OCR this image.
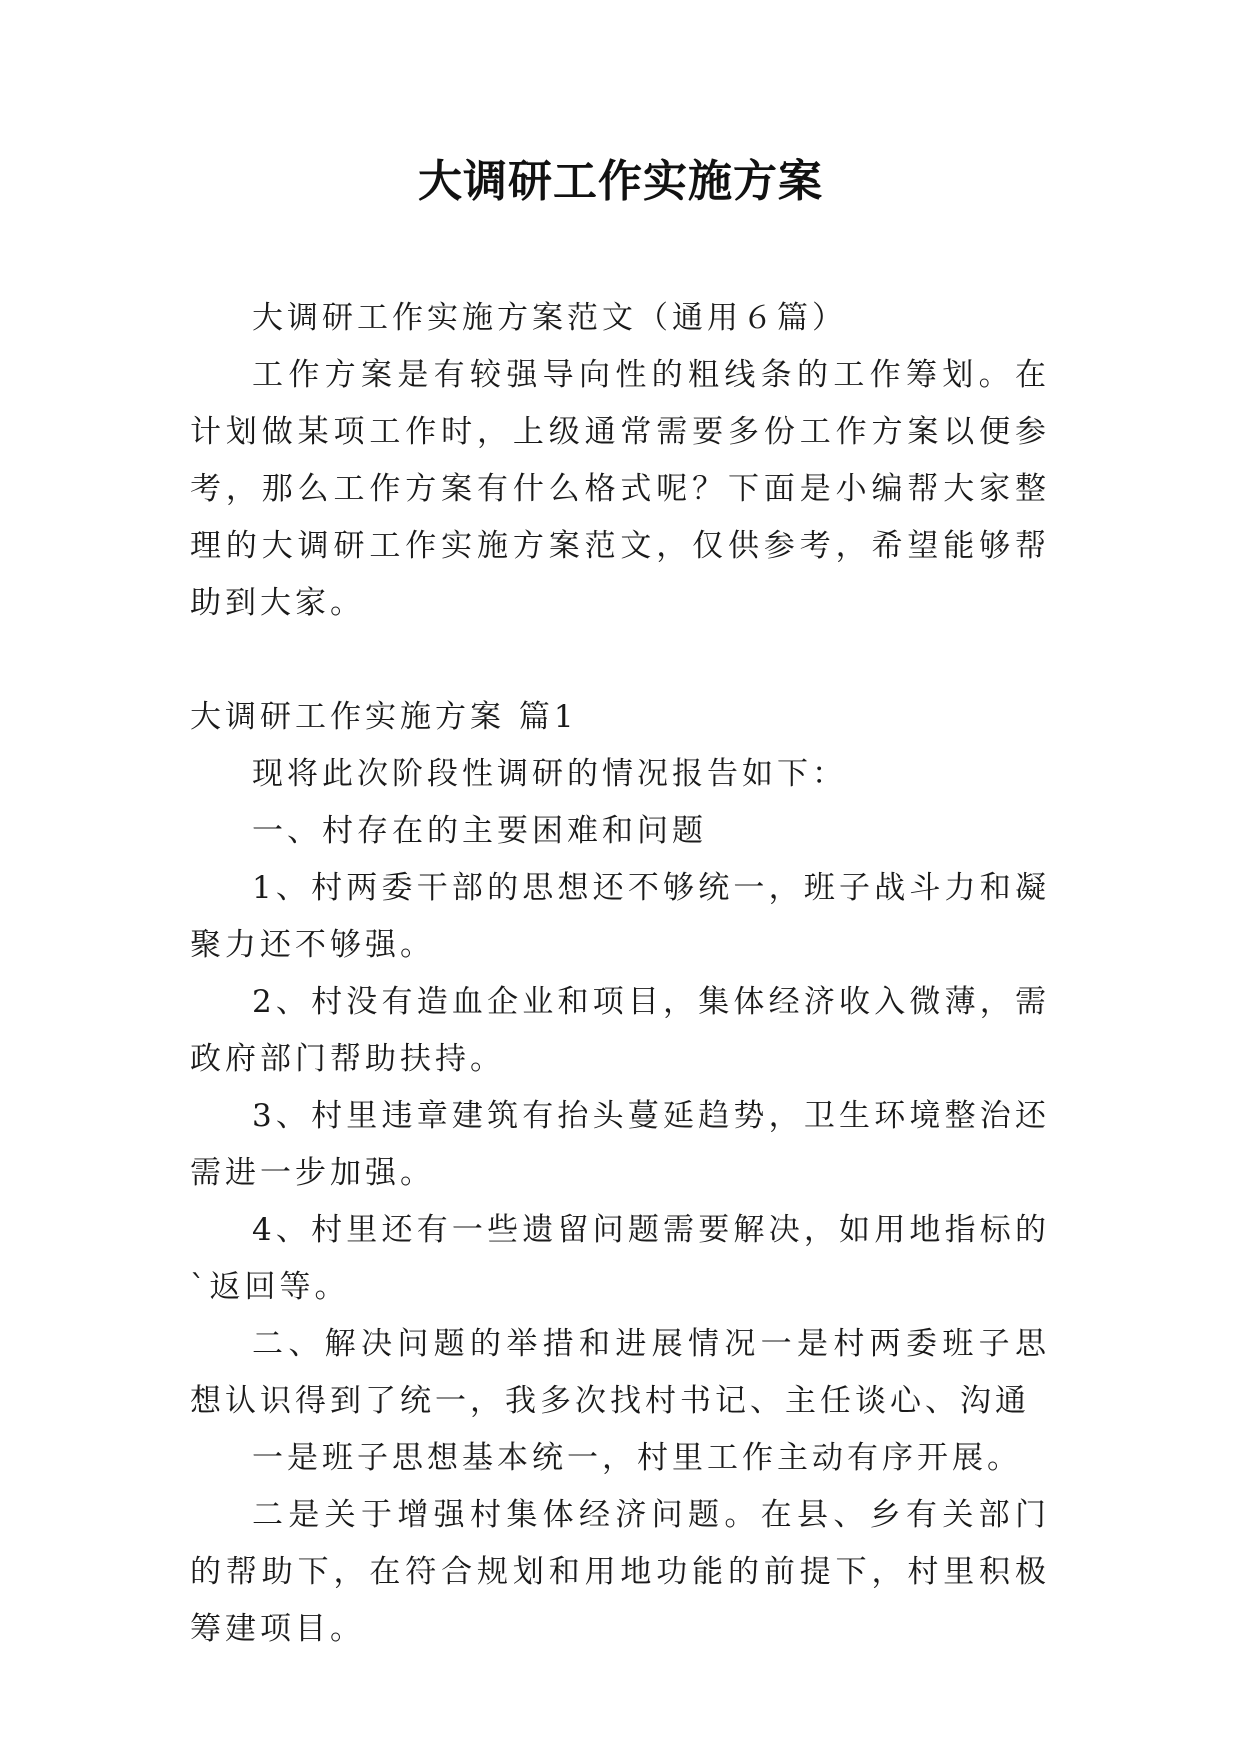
大调研工作实施方案

大调研工作实施方案范文（通用６篇）

工作方案是有较强导向性的粗线条的工作筹划。在计划做某项工作时，上级通常需要多份工作方案以便参考，那么工作方案有什么格式呢？下面是小编帮大家整理的大调研工作实施方案范文，仅供参考，希望能够帮助到大家。

大调研工作实施方案 篇1

现将此次阶段性调研的情况报告如下：

一、村存在的主要困难和问题

1、村两委干部的思想还不够统一，班子战斗力和凝聚力还不够强。

2、村没有造血企业和项目，集体经济收入微薄，需政府部门帮助扶持。

3、村里违章建筑有抬头蔓延趋势，卫生环境整治还需进一步加强。

4、村里还有一些遗留问题需要解决，如用地指标的`返回等。

二、解决问题的举措和进展情况一是村两委班子思想认识得到了统一，我多次找村书记、主任谈心、沟通

一是班子思想基本统一，村里工作主动有序开展。

二是关于增强村集体经济问题。在县、乡有关部门的帮助下，在符合规划和用地功能的前提下，村里积极筹建项目。
